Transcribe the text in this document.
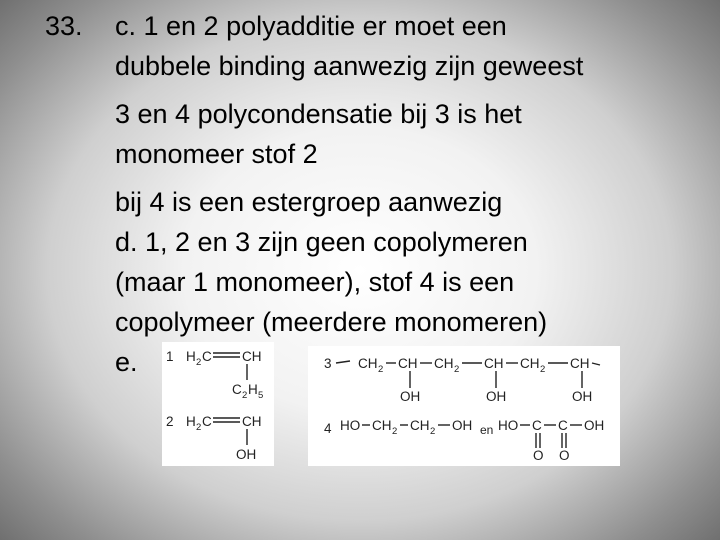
33. c. 1 en 2 polyadditie er moet een
dubbele binding aanwezig zijn geweest
3 en 4 polycondensatie bij 3 is het
monomeer stof 2
bij 4 is een estergroep aanwezig
d. 1, 2 en 3 zijn geen copolymeren
(maar 1 monomeer), stof 4 is een
copolymeer (meerdere monomeren)
e.	1 H 2 C CH
C 2 H 5
2 H 2 C CH
OH
3 CH 2 CH CH 2 CH CH 2 CH
OH	OH	OH
4 HO CH 2 CH 2 OH en HO C C OH
O O
